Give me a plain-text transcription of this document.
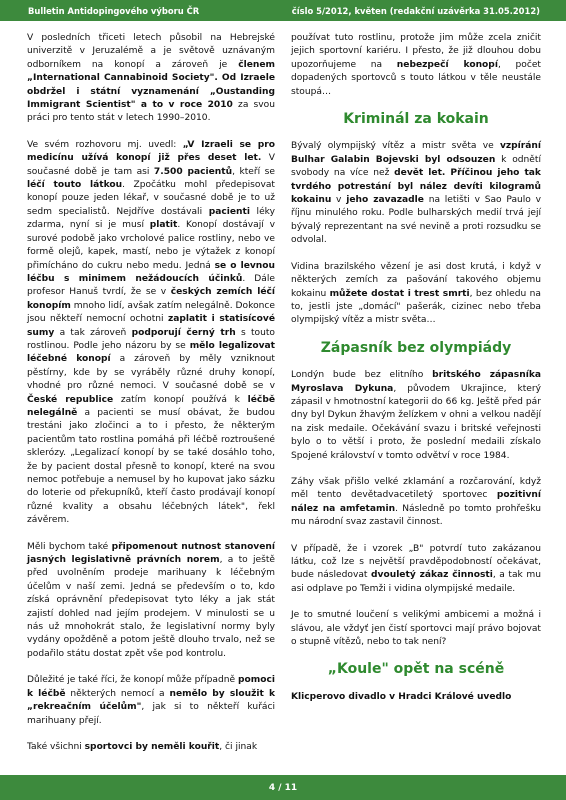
Bulletin Antidopingového výboru ČR	číslo 5/2012, květen (redakční uzávěrka 31.05.2012)

V posledních třiceti letech působil na Hebrejské univerzitě v Jeruzalémě a je světově uznávaným odborníkem na konopí a zároveň je členem „International Cannabinoid Society". Od Izraele obdržel i státní vyznamenání „Oustanding Immigrant Scientist" a to v roce 2010 za svou práci pro tento stát v letech 1990–2010.

Ve svém rozhovoru mj. uvedl: „V Izraeli se pro medicínu užívá konopí již přes deset let. V současné době je tam asi 7.500 pacientů, kteří se léčí touto látkou. Zpočátku mohl předepisovat konopí pouze jeden lékař, v současné době je to už sedm specialistů. Nejdříve dostávali pacienti léky zdarma, nyní si je musí platit. Konopí dostávají v surové podobě jako vrcholové palice rostliny, nebo ve formě olejů, kapek, mastí, nebo je výtažek z konopí přimícháno do cukru nebo medu. Jedná se o levnou léčbu s minimem nežádoucích účinků. Dále profesor Hanuš tvrdí, že se v českých zemích léčí konopím mnoho lidí, avšak zatím nelegálně. Dokonce jsou někteří nemocní ochotni zaplatit i statisícové sumy a tak zároveň podporují černý trh s touto rostlinou. Podle jeho názoru by se mělo legalizovat léčebné konopí a zároveň by měly vzniknout pěstírny, kde by se vyráběly různé druhy konopí, vhodné pro různé nemoci. V současné době se v České republice zatím konopí používá k léčbě nelegálně a pacienti se musí obávat, že budou trestáni jako zločinci a to i přesto, že některým pacientům tato rostlina pomáhá při léčbě roztroušené sklerózy. „Legalizací konopí by se také dosáhlo toho, že by pacient dostal přesně to konopí, které na svou nemoc potřebuje a nemusel by ho kupovat jako sázku do loterie od překupníků, kteří často prodávají konopí různé kvality a obsahu léčebných látek", řekl závěrem.

Měli bychom také připomenout nutnost stanovení jasných legislativně právních norem, a to ještě před uvolněním prodeje marihuany k léčebným účelům v naší zemi. Jedná se především o to, kdo získá oprávnění předepisovat tyto léky a jak stát zajistí dohled nad jejím prodejem. V minulosti se u nás už mnohokrát stalo, že legislativní normy byly vydány opožděně a potom ještě dlouho trvalo, než se podařilo státu dostat zpět vše pod kontrolu.

Důležité je také říci, že konopí může případně pomoci k léčbě některých nemocí a nemělo by sloužit k „rekreačním účelům", jak si to někteří kuřáci marihuany přejí.

Také všichni sportovci by neměli kouřit, či jinak

používat tuto rostlinu, protože jim může zcela zničit jejich sportovní kariéru. I přesto, že již dlouhou dobu upozorňujeme na nebezpečí konopí, počet dopadených sportovců s touto látkou v těle neustále stoupá…

Kriminál za kokain

Bývalý olympijský vítěz a mistr světa ve vzpírání Bulhar Galabin Bojevski byl odsouzen k odnětí svobody na více než devět let. Příčinou jeho tak tvrdého potrestání byl nález devíti kilogramů kokainu v jeho zavazadle na letišti v Sao Paulo v říjnu minulého roku. Podle bulharských medií trvá její bývalý reprezentant na své nevině a proti rozsudku se odvolal.

Vidina brazilského vězení je asi dost krutá, i když v některých zemích za pašování takového objemu kokainu můžete dostat i trest smrti, bez ohledu na to, jestli jste „domácí" pašerák, cizinec nebo třeba olympijský vítěz a mistr světa…

Zápasník bez olympiády

Londýn bude bez elitního britského zápasníka Myroslava Dykuna, původem Ukrajince, který zápasil v hmotnostní kategorii do 66 kg. Ještě před pár dny byl Dykun žhavým želízkem v ohni a velkou nadějí na zisk medaile. Očekávání svazu i britské veřejnosti bylo o to větší i proto, že poslední medaili získalo Spojené království v tomto odvětví v roce 1984.

Záhy však přišlo velké zklamání a rozčarování, když měl tento devětadvacetiletý sportovec pozitivní nález na amfetamin. Následně po tomto prohřešku mu národní svaz zastavil činnost.

V případě, že i vzorek „B" potvrdí tuto zakázanou látku, což lze s největší pravděpodobností očekávat, bude následovat dvouletý zákaz činnosti, a tak mu asi odplave po Temži i vidina olympijské medaile.

Je to smutné loučení s velikými ambicemi a možná i slávou, ale vždyť jen čistí sportovci mají právo bojovat o stupně vítězů, nebo to tak není?

„Koule" opět na scéně

Klicperovo divadlo v Hradci Králové uvedlo

4 / 11
